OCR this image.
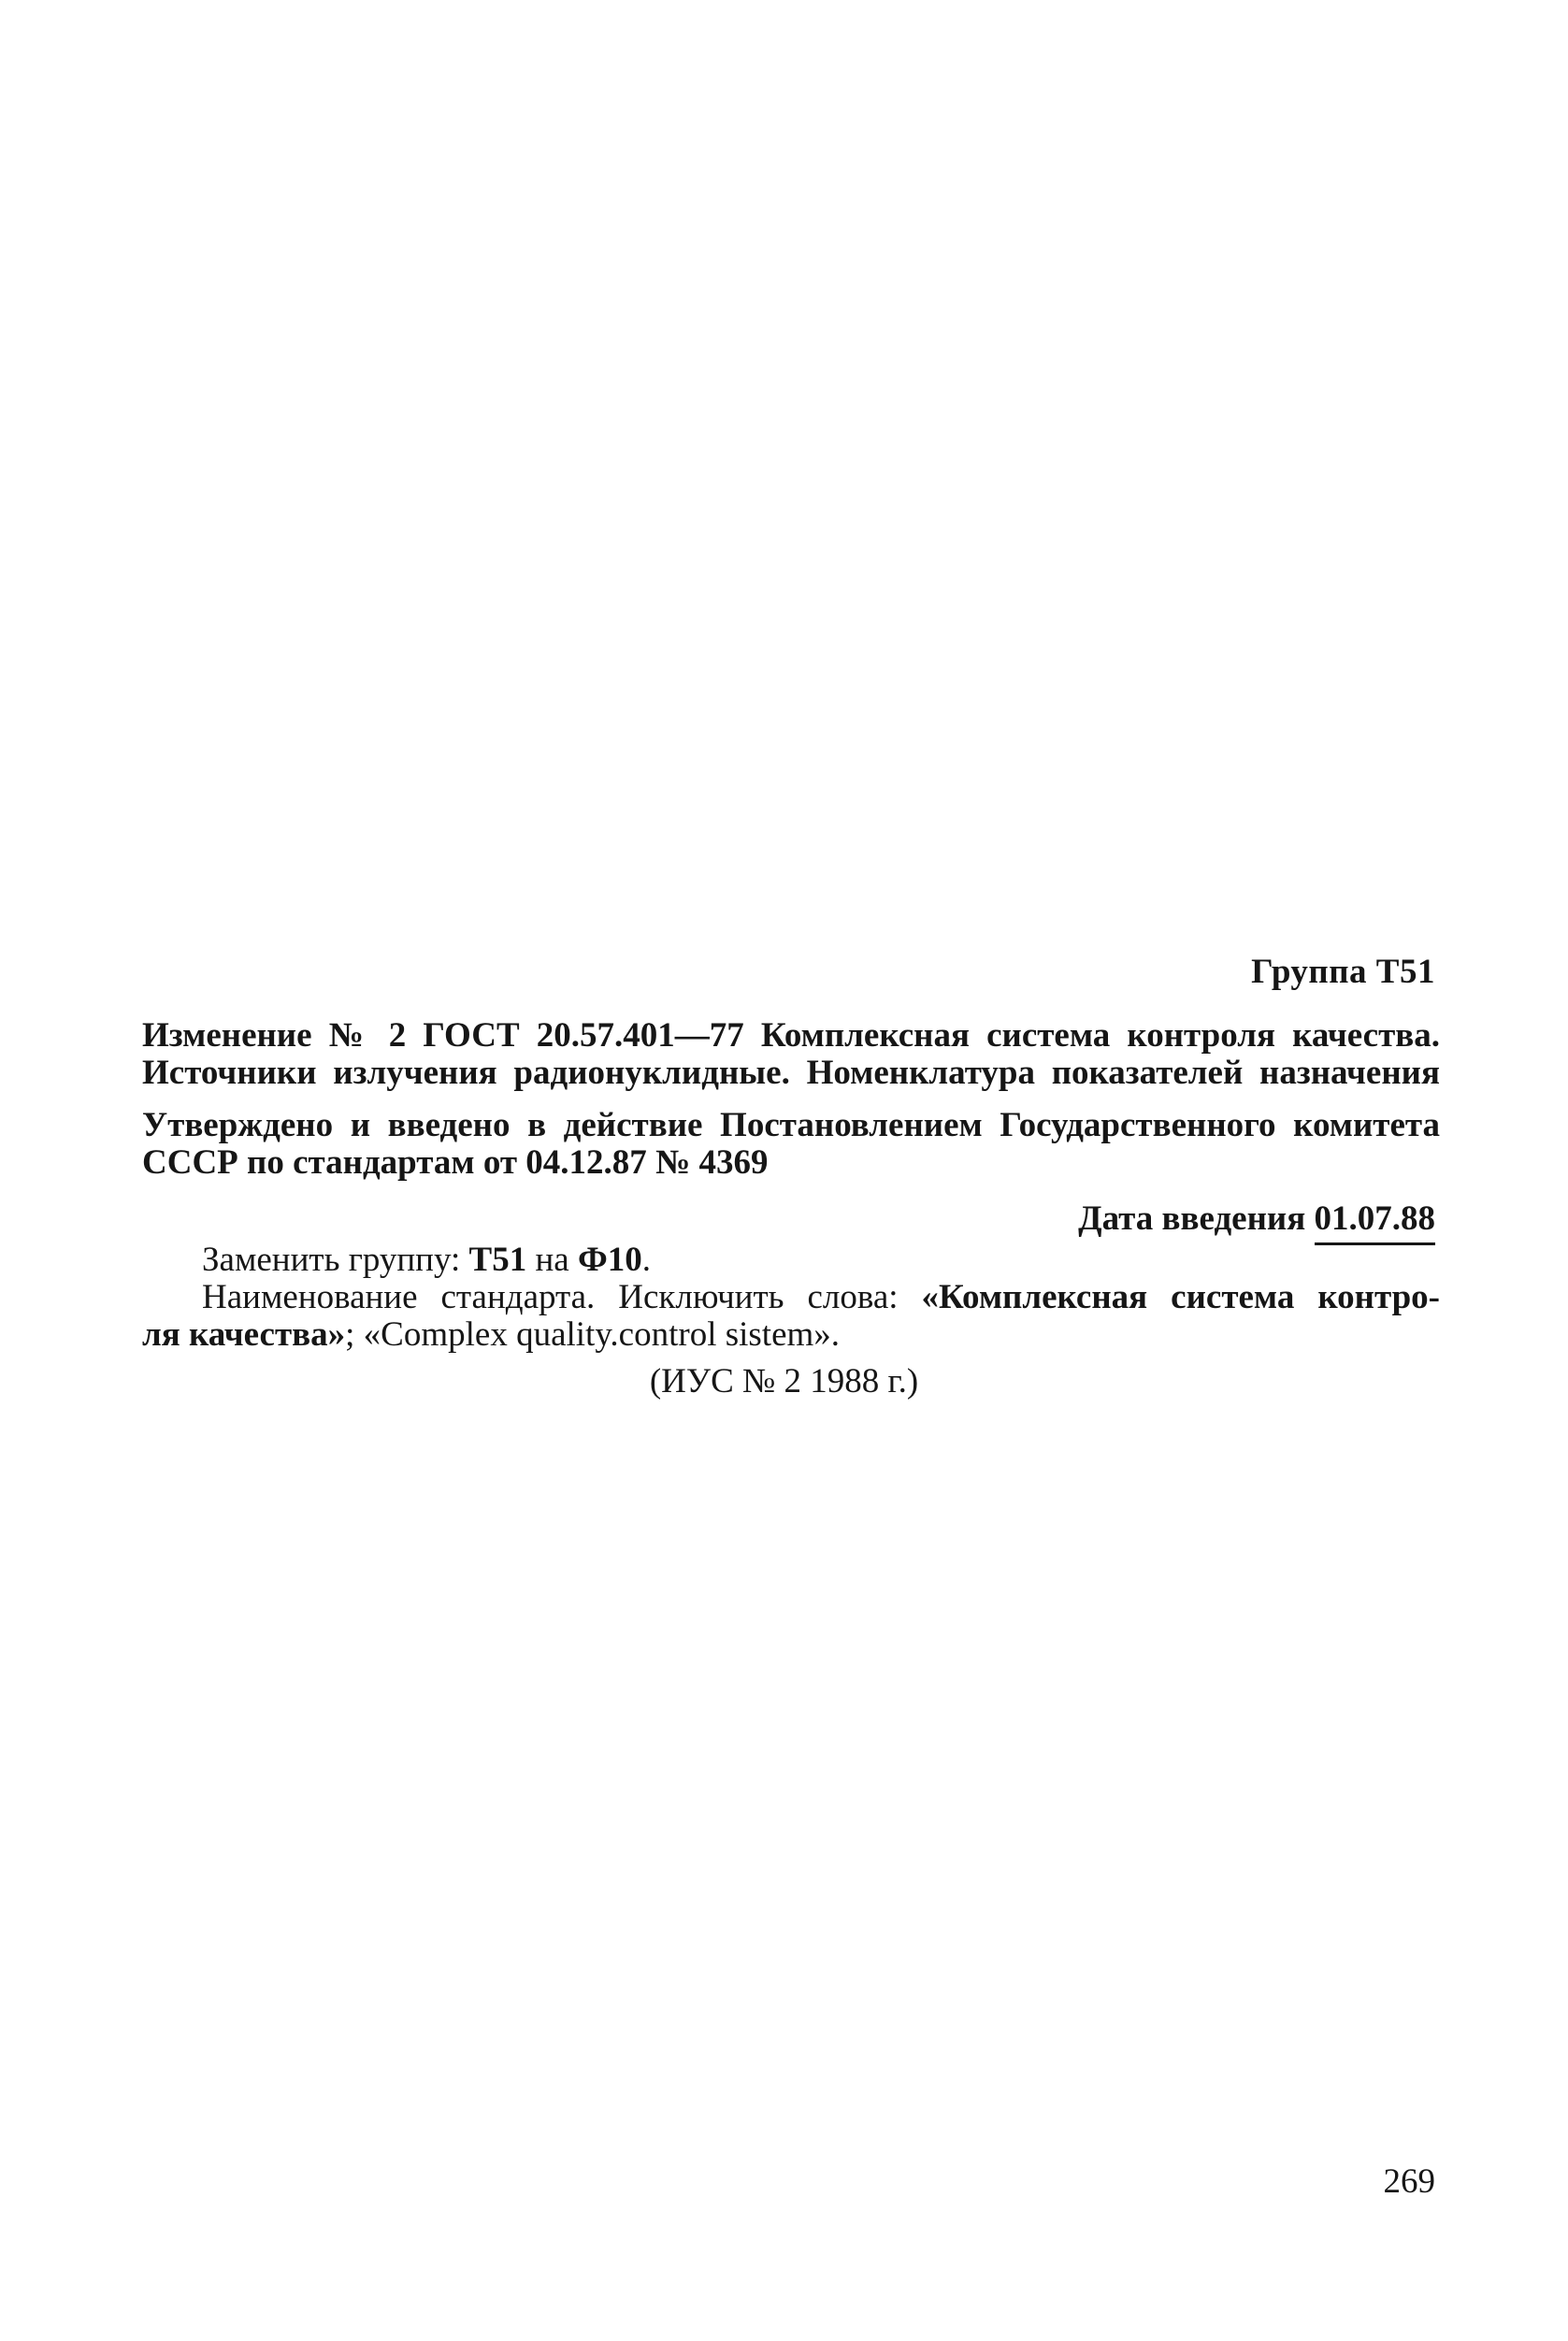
Группа Т51
Изменение № 2 ГОСТ 20.57.401—77 Комплексная система контроля качества.
Источники излучения радионуклидные. Номенклатура показателей назначения
Утверждено и введено в действие Постановлением Государственного комитета
СССР по стандартам от 04.12.87 № 4369
Дата введения 01.07.88
Заменить группу: Т51 на Ф10.
Наименование стандарта. Исключить слова: «Комплексная система контро-
ля качества»; «Complex quality.control sistem».
(ИУС № 2 1988 г.)
269
